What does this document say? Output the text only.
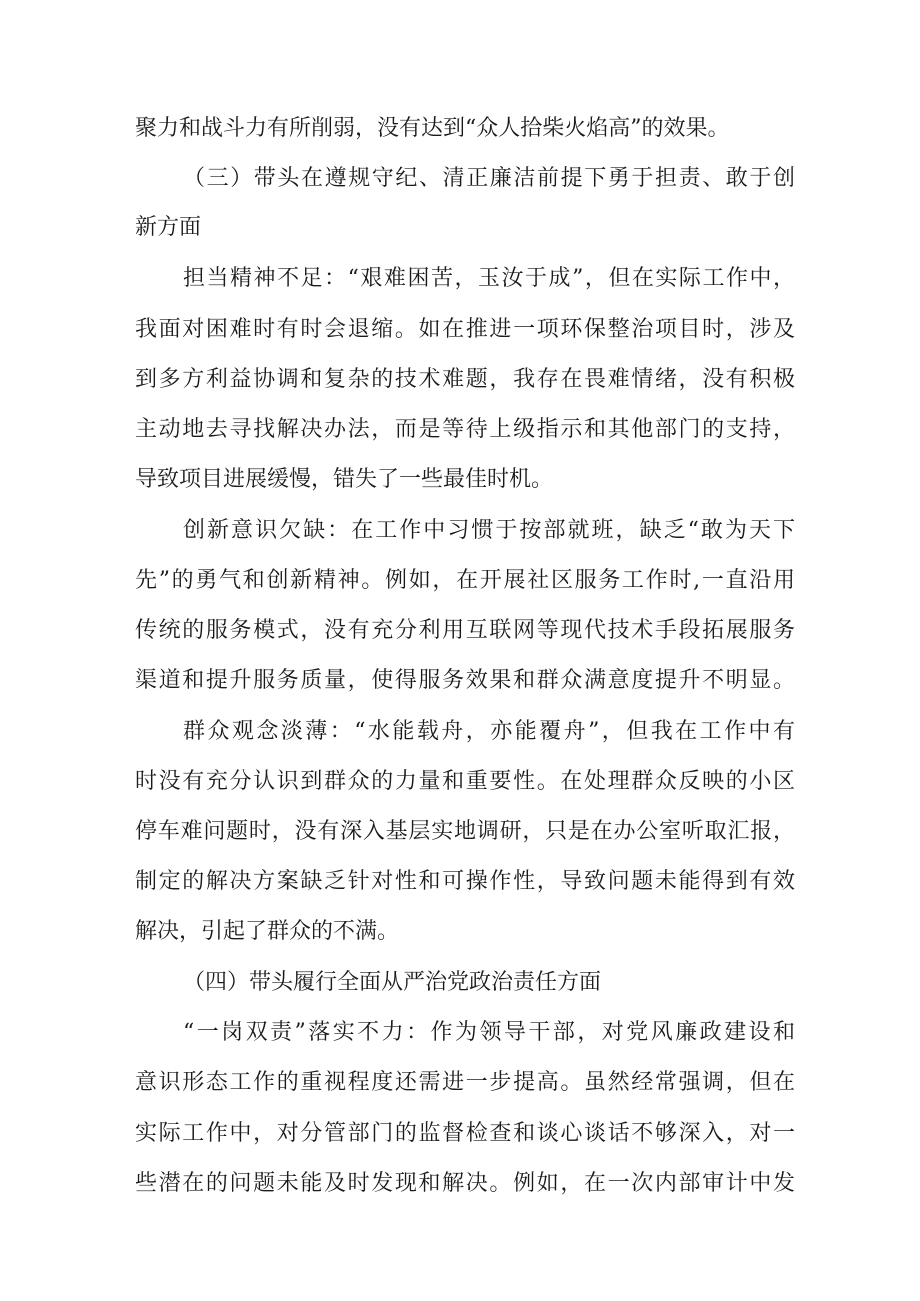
聚力和战斗力有所削弱，没有达到“众人拾柴火焰高”的效果。
（三）带头在遵规守纪、清正廉洁前提下勇于担责、敢于创
新方面
担当精神不足：“艰难困苦，玉汝于成”，但在实际工作中，
我面对困难时有时会退缩。如在推进一项环保整治项目时，涉及
到多方利益协调和复杂的技术难题，我存在畏难情绪，没有积极
主动地去寻找解决办法，而是等待上级指示和其他部门的支持，
导致项目进展缓慢，错失了一些最佳时机。
创新意识欠缺：在工作中习惯于按部就班，缺乏“敢为天下
先”的勇气和创新精神。例如，在开展社区服务工作时,一直沿用
传统的服务模式，没有充分利用互联网等现代技术手段拓展服务
渠道和提升服务质量，使得服务效果和群众满意度提升不明显。
群众观念淡薄：“水能载舟，亦能覆舟”，但我在工作中有
时没有充分认识到群众的力量和重要性。在处理群众反映的小区
停车难问题时，没有深入基层实地调研，只是在办公室听取汇报，
制定的解决方案缺乏针对性和可操作性，导致问题未能得到有效
解决，引起了群众的不满。
（四）带头履行全面从严治党政治责任方面
“一岗双责”落实不力：作为领导干部，对党风廉政建设和
意识形态工作的重视程度还需进一步提高。虽然经常强调，但在
实际工作中，对分管部门的监督检查和谈心谈话不够深入，对一
些潜在的问题未能及时发现和解决。例如，在一次内部审计中发
